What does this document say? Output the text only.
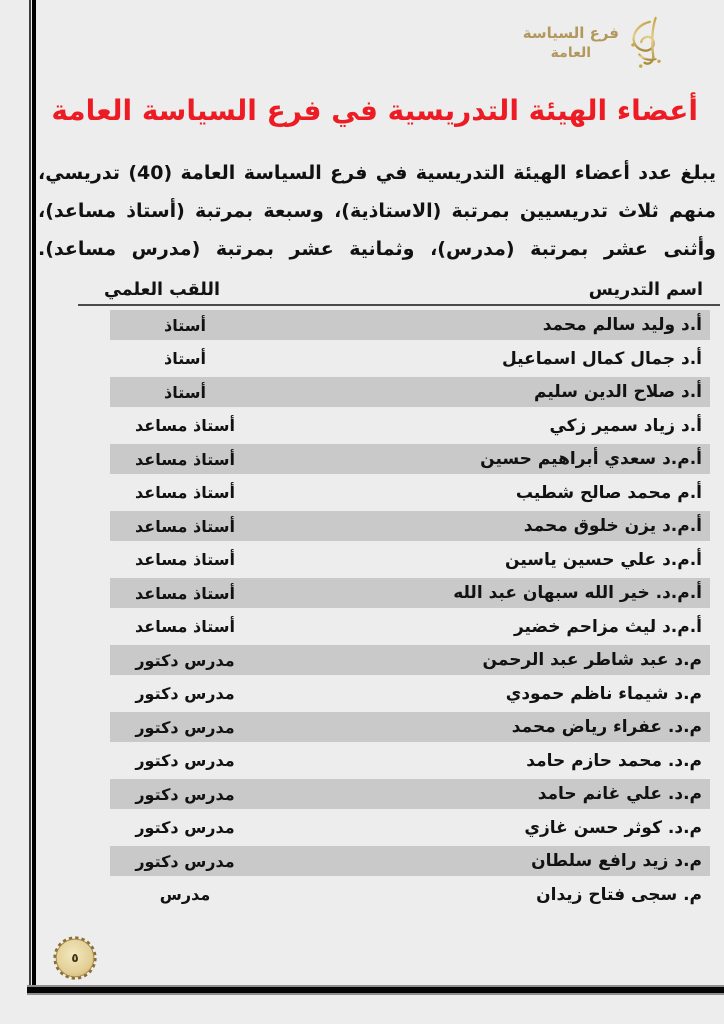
فرع السياسة
العامة
أعضاء الهيئة التدريسية في فرع السياسة العامة
يبلغ عدد أعضاء الهيئة التدريسية في فرع السياسة العامة (40) تدريسي، منهم ثلاث تدريسيين بمرتبة (الاستاذية)، وسبعة بمرتبة (أستاذ مساعد)، وأثنى عشر بمرتبة (مدرس)، وثمانية عشر بمرتبة (مدرس مساعد).
اسم التدريس
اللقب العلمي
أ.د وليد سالم محمد
أستاذ
أ.د جمال كمال اسماعيل
أستاذ
أ.د صلاح الدين سليم
أستاذ
أ.د زياد سمير زكي
أستاذ مساعد
أ.م.د سعدي أبراهيم حسين
أستاذ مساعد
أ.م محمد صالح شطيب
أستاذ مساعد
أ.م.د يزن خلوق محمد
أستاذ مساعد
أ.م.د علي حسين ياسين
أستاذ مساعد
أ.م.د. خير الله سبهان عبد الله
أستاذ مساعد
أ.م.د ليث مزاحم خضير
أستاذ مساعد
م.د عبد شاطر عبد الرحمن
مدرس دكتور
م.د شيماء ناظم حمودي
مدرس دكتور
م.د. عفراء رياض محمد
مدرس دكتور
م.د. محمد حازم حامد
مدرس دكتور
م.د. علي غانم حامد
مدرس دكتور
م.د. كوثر حسن غازي
مدرس دكتور
م.د زيد رافع سلطان
مدرس دكتور
م. سجى فتاح زيدان
مدرس
٥
